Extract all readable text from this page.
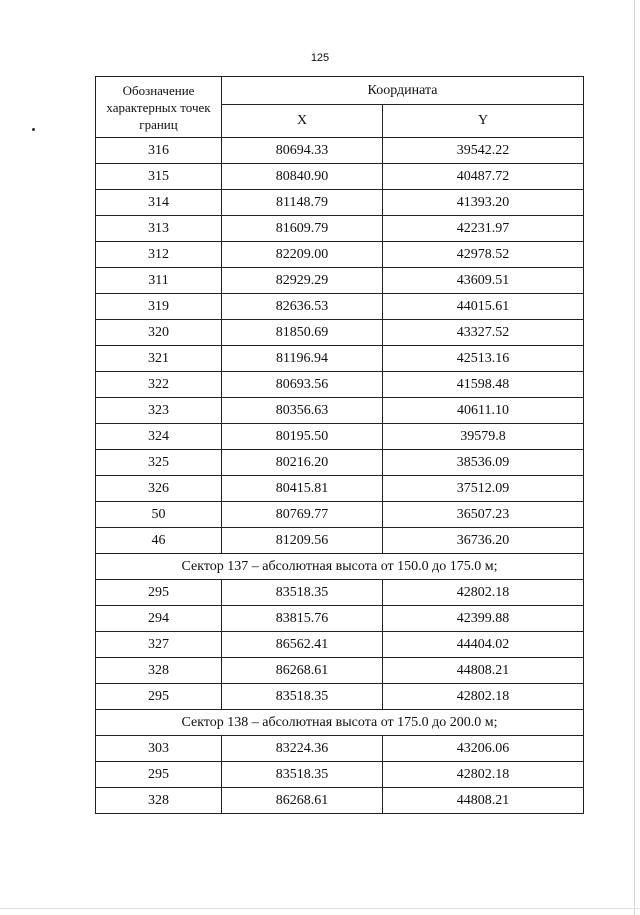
125
Обозначение характерных точек границ	Координата	
	X	Y
316	80694.33	39542.22
315	80840.90	40487.72
314	81148.79	41393.20
313	81609.79	42231.97
312	82209.00	42978.52
311	82929.29	43609.51
319	82636.53	44015.61
320	81850.69	43327.52
321	81196.94	42513.16
322	80693.56	41598.48
323	80356.63	40611.10
324	80195.50	39579.8
325	80216.20	38536.09
326	80415.81	37512.09
50	80769.77	36507.23
46	81209.56	36736.20
Сектор 137 – абсолютная высота от 150.0 до 175.0 м;		
295	83518.35	42802.18
294	83815.76	42399.88
327	86562.41	44404.02
328	86268.61	44808.21
295	83518.35	42802.18
Сектор 138 – абсолютная высота от 175.0 до 200.0 м;		
303	83224.36	43206.06
295	83518.35	42802.18
328	86268.61	44808.21
